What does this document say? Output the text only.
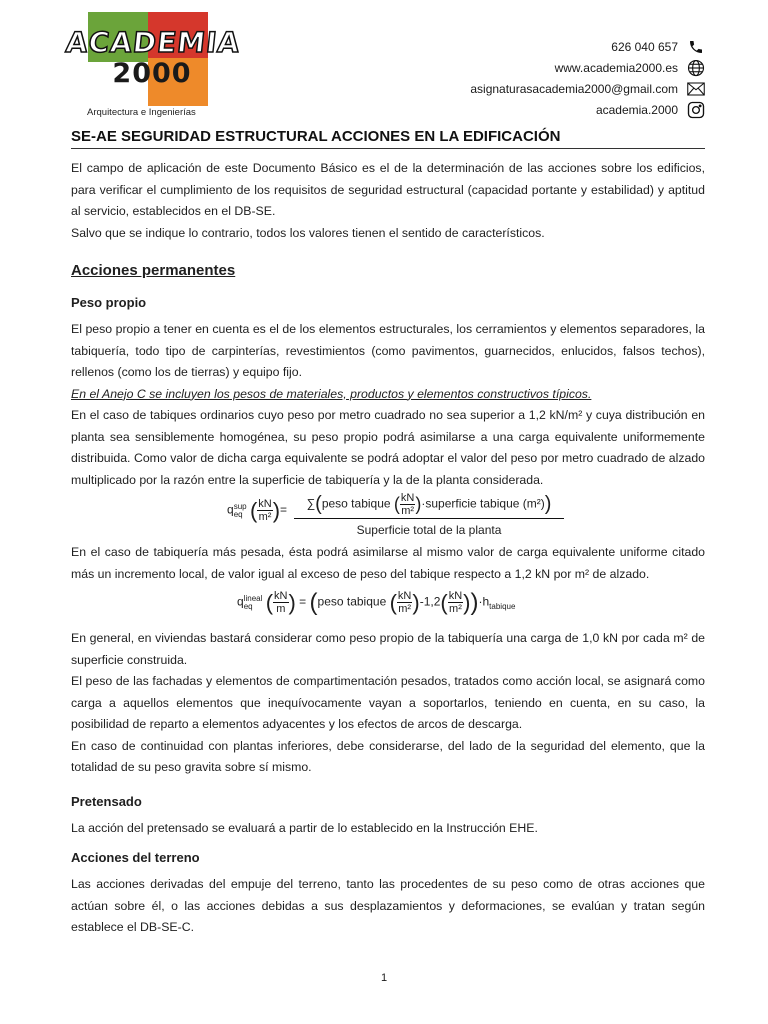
ACADEMIA
2000
Arquitectura e Ingenierías
626 040 657
www.academia2000.es
asignaturasacademia2000@gmail.com
academia.2000
SE-AE SEGURIDAD ESTRUCTURAL ACCIONES EN LA EDIFICACIÓN

El campo de aplicación de este Documento Básico es el de la determinación de las acciones sobre los edificios, para verificar el cumplimiento de los requisitos de seguridad estructural (capacidad portante y estabilidad) y aptitud al servicio, establecidos en el DB-SE.

Salvo que se indique lo contrario, todos los valores tienen el sentido de característicos.

Acciones permanentes
Peso propio

El peso propio a tener en cuenta es el de los elementos estructurales, los cerramientos y elementos separadores, la tabiquería, todo tipo de carpinterías, revestimientos (como pavimentos, guarnecidos, enlucidos, falsos techos), rellenos (como los de tierras) y equipo fijo.

En el Anejo C se incluyen los pesos de materiales, productos y elementos constructivos típicos.

En el caso de tabiques ordinarios cuyo peso por metro cuadrado no sea superior a 1,2 kN/m² y cuya distribución en planta sea sensiblemente homogénea, su peso propio podrá asimilarse a una carga equivalente uniformemente distribuida. Como valor de dicha carga equivalente se podrá adoptar el valor del peso por metro cuadrado de alzado multiplicado por la razón entre la superficie de tabiquería y la de la planta considerada.

q sup
eq ( $\frac{kN}{\text{m²}}$ )=	∑(peso tabique ( $\frac{kN}{\text{m²}}$ )·superficie tabique (m²))
Superficie total de la planta

En el caso de tabiquería más pesada, ésta podrá asimilarse al mismo valor de carga equivalente uniforme citado más un incremento local, de valor igual al exceso de peso del tabique respecto a 1,2 kN por m² de alzado.

q lineal
eq ( $\frac{kN}{m}$ ) = (peso tabique ( $\frac{kN}{\text{m²}} )-1,2( \frac{kN}{\text{m²}} ))\cdot h_{tabique}$

En general, en viviendas bastará considerar como peso propio de la tabiquería una carga de 1,0 kN por cada m² de superficie construida.

El peso de las fachadas y elementos de compartimentación pesados, tratados como acción local, se asignará como carga a aquellos elementos que inequívocamente vayan a soportarlos, teniendo en cuenta, en su caso, la posibilidad de reparto a elementos adyacentes y los efectos de arcos de descarga.

En caso de continuidad con plantas inferiores, debe considerarse, del lado de la seguridad del elemento, que la totalidad de su peso gravita sobre sí mismo.

Pretensado

La acción del pretensado se evaluará a partir de lo establecido en la Instrucción EHE.

Acciones del terreno

Las acciones derivadas del empuje del terreno, tanto las procedentes de su peso como de otras acciones que actúan sobre él, o las acciones debidas a sus desplazamientos y deformaciones, se evalúan y tratan según establece el DB-SE-C.

1
